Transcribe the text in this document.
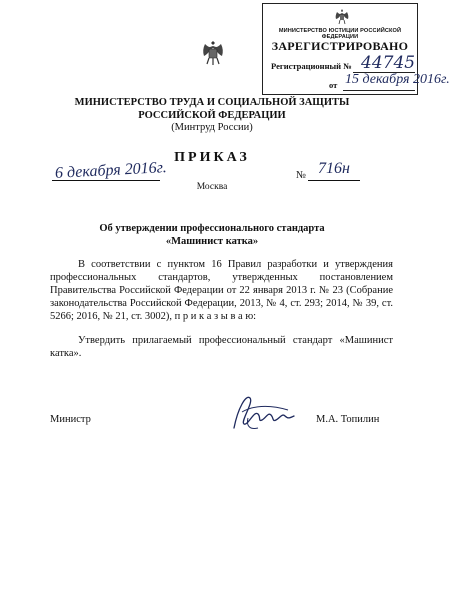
МИНИСТЕРСТВО ЮСТИЦИИ РОССИЙСКОЙ ФЕДЕРАЦИИ
ЗАРЕГИСТРИРОВАНО
Регистрационный № 44745
от 15 декабря 2016г.
МИНИСТЕРСТВО ТРУДА И СОЦИАЛЬНОЙ ЗАЩИТЫ
РОССИЙСКОЙ ФЕДЕРАЦИИ
(Минтруд России)
ПРИКАЗ
6 декабря 2016г.	№ 716н
Москва
Об утверждении профессионального стандарта
«Машинист катка»

В соответствии с пунктом 16 Правил разработки и утверждения профессиональных стандартов, утвержденных постановлением Правительства Российской Федерации от 22 января 2013 г. № 23 (Собрание законодательства Российской Федерации, 2013, № 4, ст. 293; 2014, № 39, ст. 5266; 2016, № 21, ст. 3002), п р и к а з ы в а ю:

Утвердить прилагаемый профессиональный стандарт «Машинист катка».

Министр	М.А. Топилин
